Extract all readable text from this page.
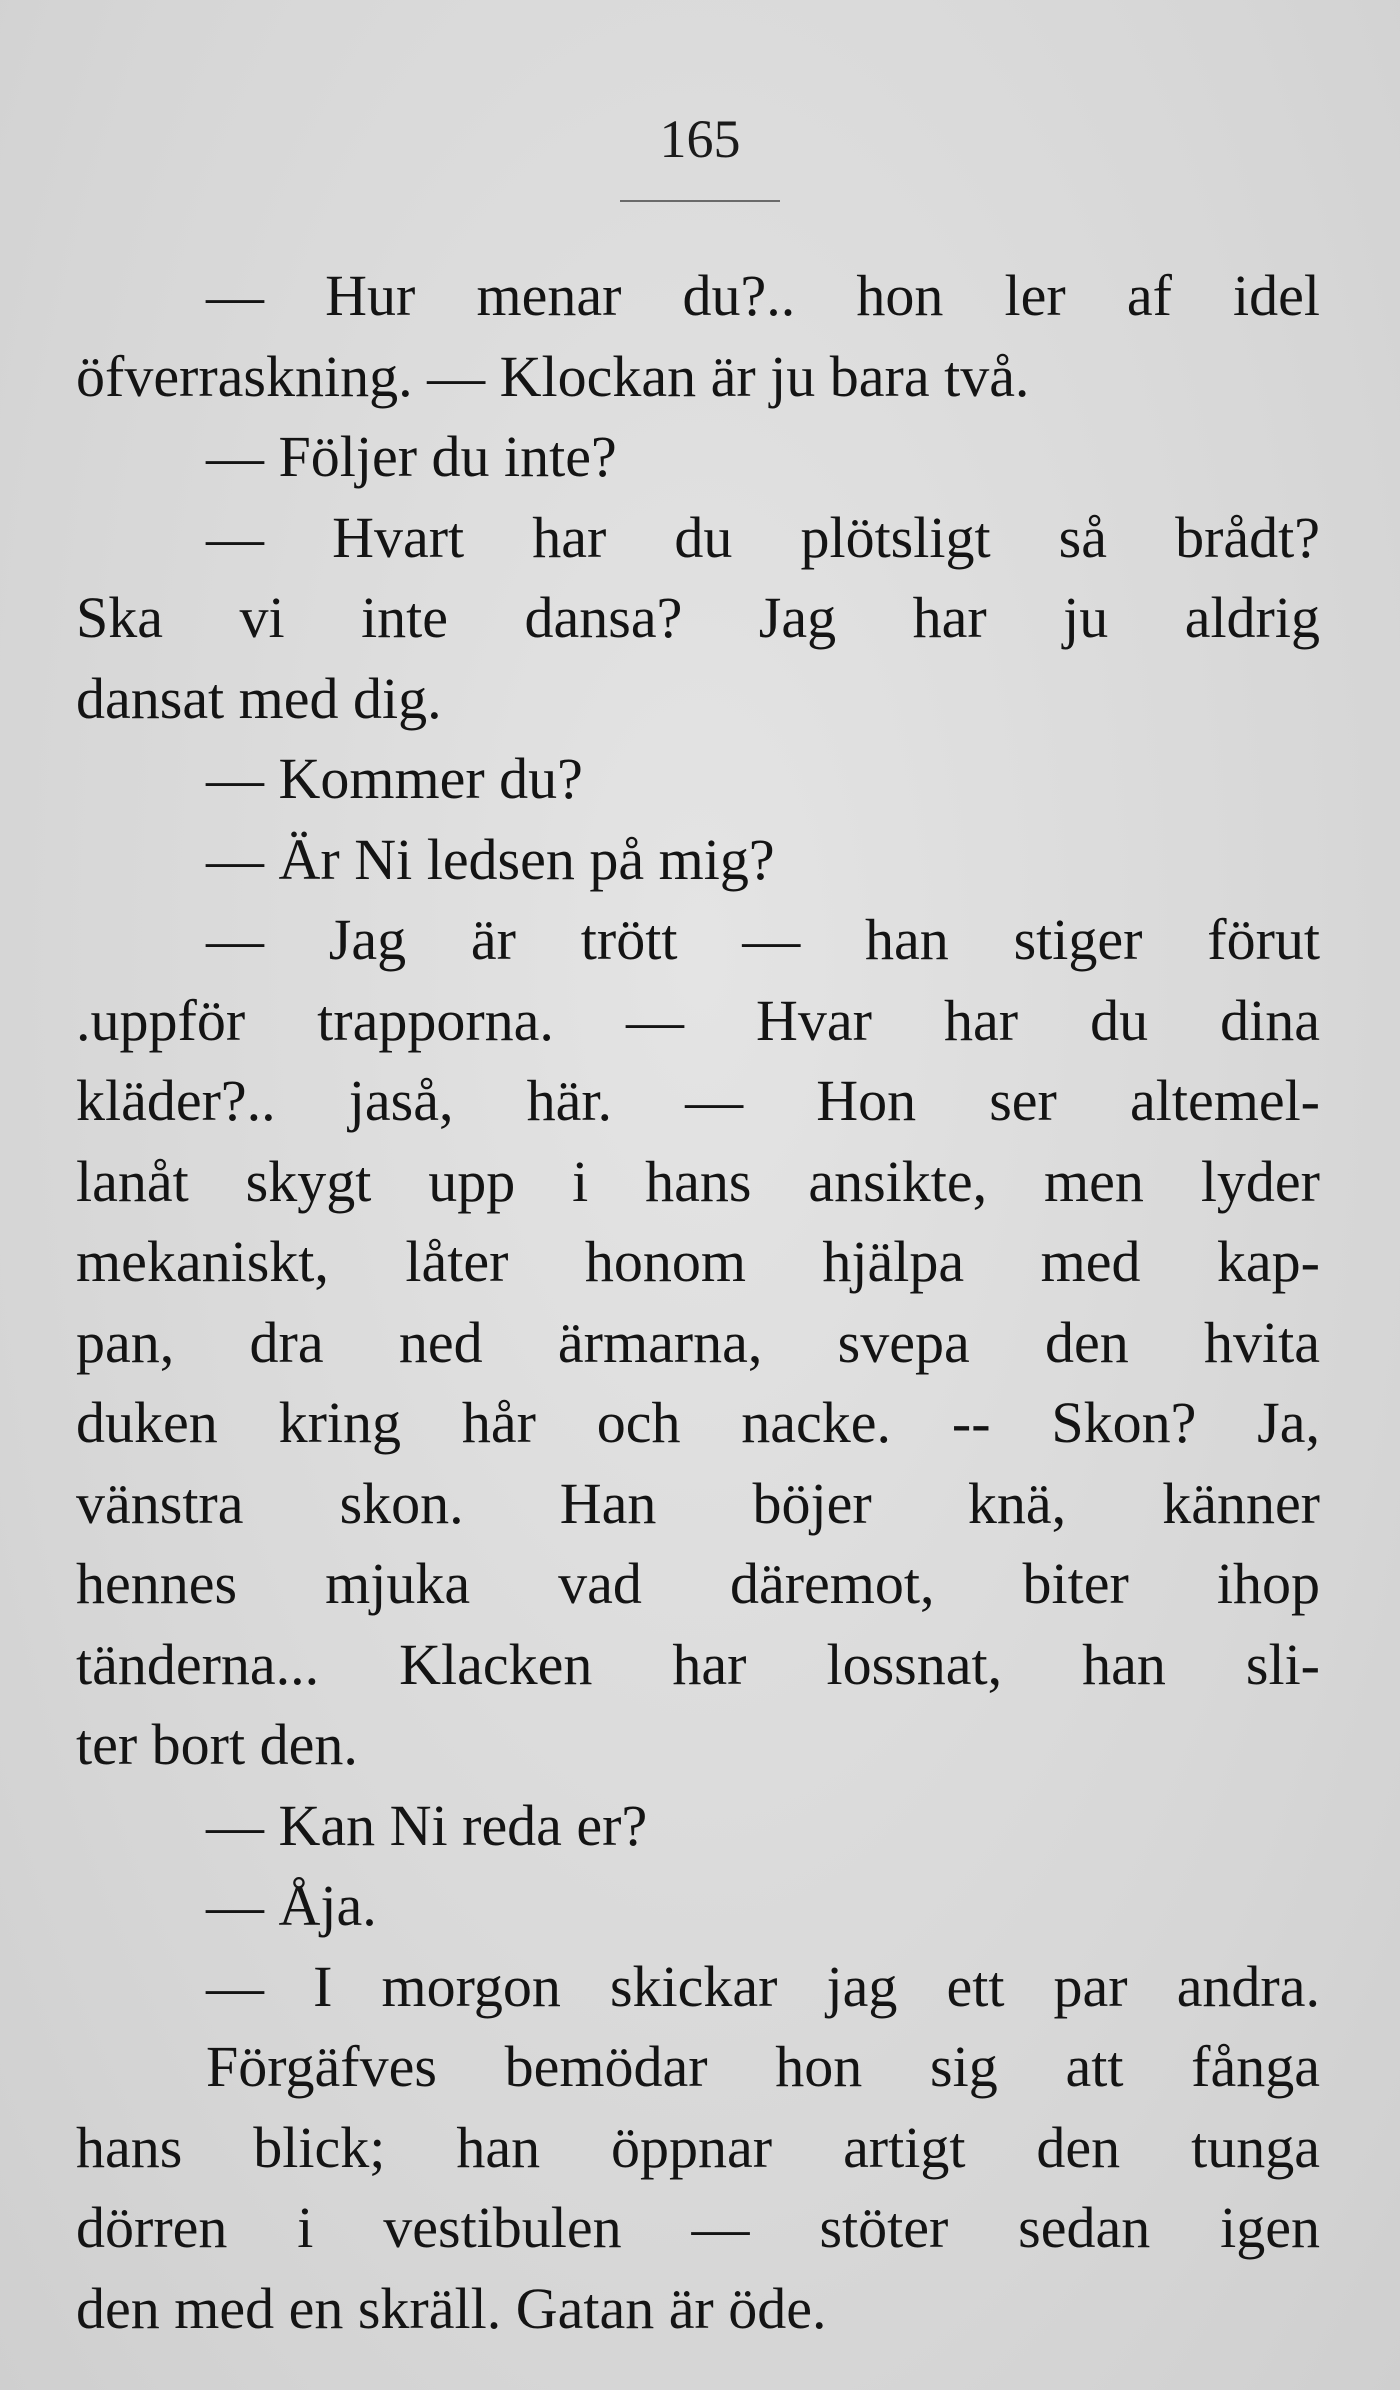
165
— Hur menar du?.. hon ler af idel
öfverraskning. — Klockan är ju bara två.
— Följer du inte?
— Hvart har du plötsligt så brådt?
Ska vi inte dansa? Jag har ju aldrig
dansat med dig.
— Kommer du?
— Är Ni ledsen på mig?
— Jag är trött — han stiger förut
.uppför trapporna. — Hvar har du dina
kläder?.. jaså, här. — Hon ser altemel-
lanåt skygt upp i hans ansikte, men lyder
mekaniskt, låter honom hjälpa med kap-
pan, dra ned ärmarna, svepa den hvita
duken kring hår och nacke. -- Skon? Ja,
vänstra skon. Han böjer knä, känner
hennes mjuka vad däremot, biter ihop
tänderna... Klacken har lossnat, han sli-
ter bort den.
— Kan Ni reda er?
— Åja.
— I morgon skickar jag ett par andra.
Förgäfves bemödar hon sig att fånga
hans blick; han öppnar artigt den tunga
dörren i vestibulen — stöter sedan igen
den med en skräll. Gatan är öde.
